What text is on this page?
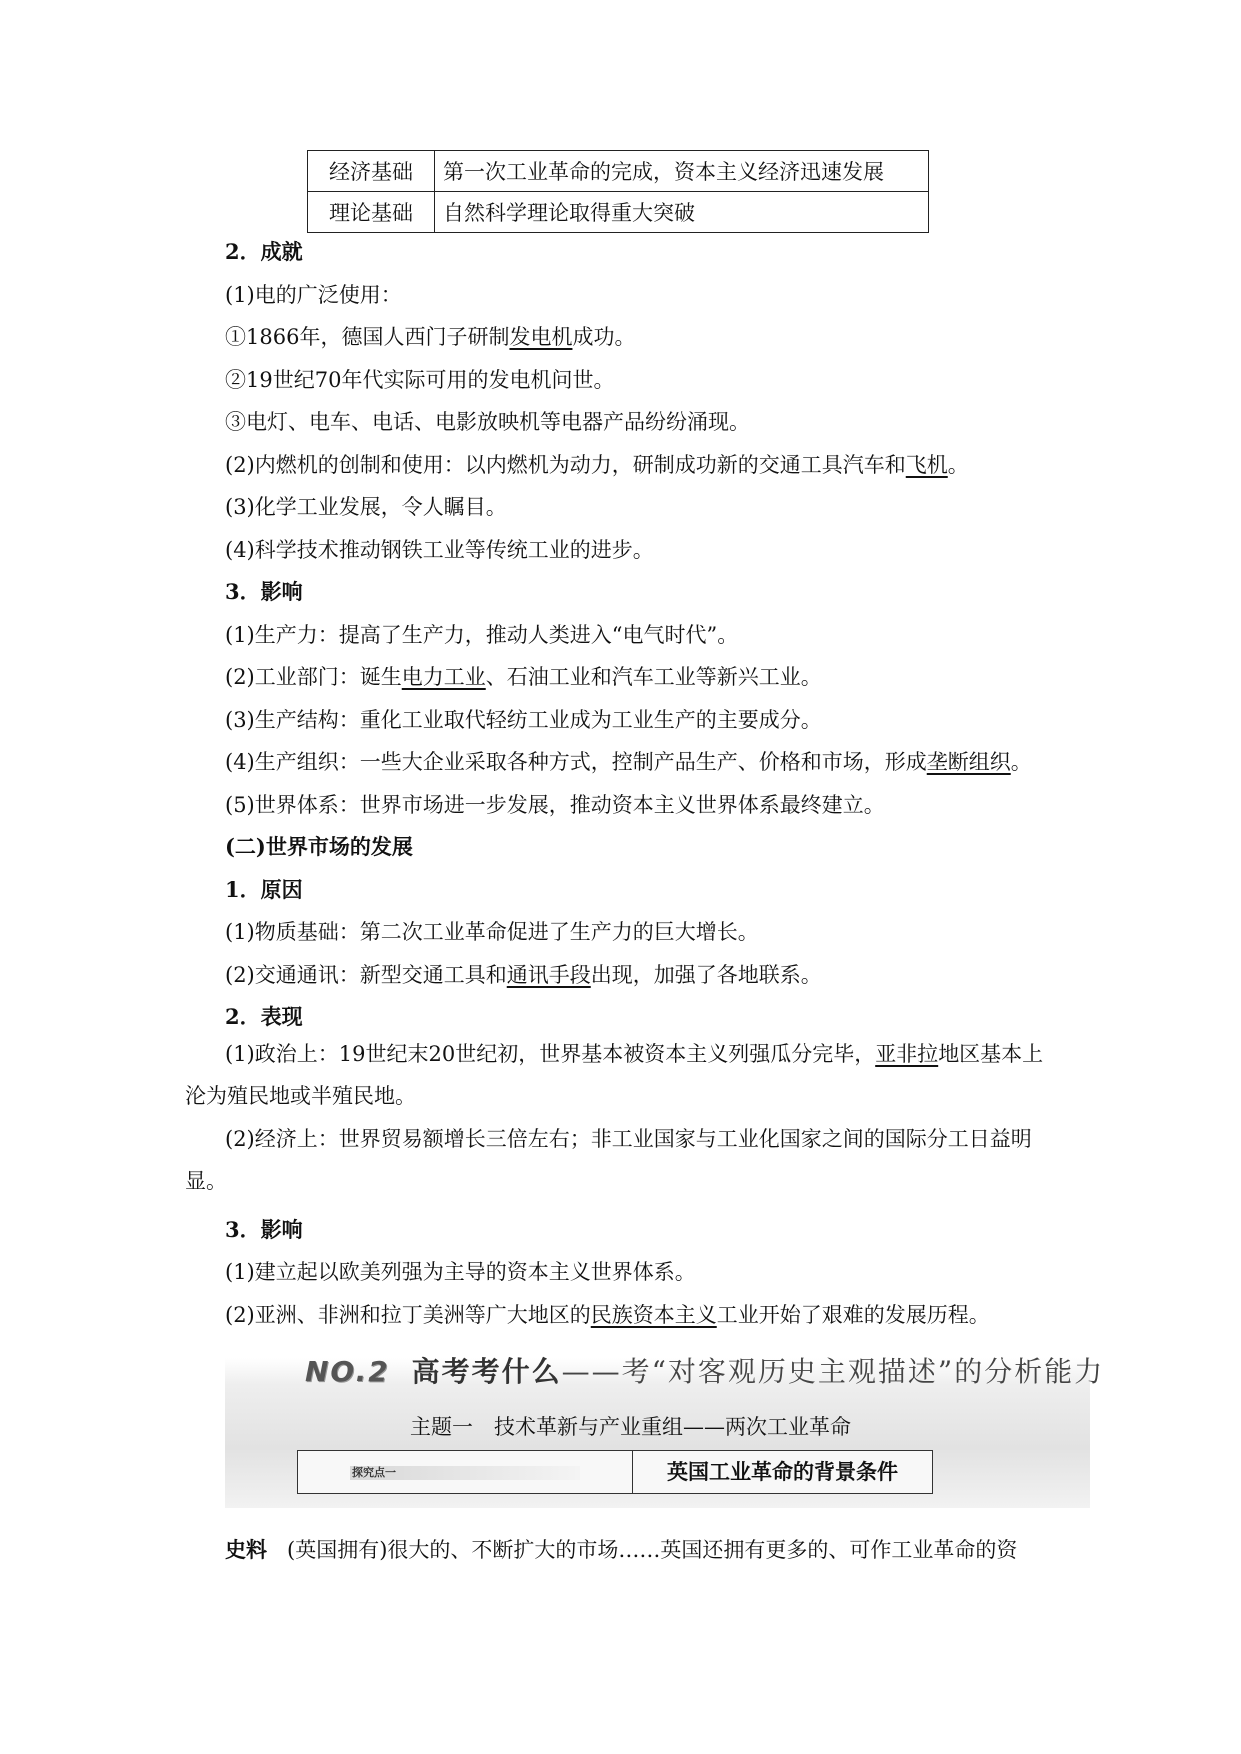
经济基础	第一次工业革命的完成，资本主义经济迅速发展
理论基础	自然科学理论取得重大突破
2．成就
(1)电的广泛使用：
①1866年，德国人西门子研制发电机成功。
②19世纪70年代实际可用的发电机问世。
③电灯、电车、电话、电影放映机等电器产品纷纷涌现。
(2)内燃机的创制和使用：以内燃机为动力，研制成功新的交通工具汽车和飞机。
(3)化学工业发展，令人瞩目。
(4)科学技术推动钢铁工业等传统工业的进步。
3．影响
(1)生产力：提高了生产力，推动人类进入“电气时代”。
(2)工业部门：诞生电力工业、石油工业和汽车工业等新兴工业。
(3)生产结构：重化工业取代轻纺工业成为工业生产的主要成分。
(4)生产组织：一些大企业采取各种方式，控制产品生产、价格和市场，形成垄断组织。
(5)世界体系：世界市场进一步发展，推动资本主义世界体系最终建立。
(二)世界市场的发展
1．原因
(1)物质基础：第二次工业革命促进了生产力的巨大增长。
(2)交通通讯：新型交通工具和通讯手段出现，加强了各地联系。
2．表现
(1)政治上：19世纪末20世纪初，世界基本被资本主义列强瓜分完毕，亚非拉地区基本上沦为殖民地或半殖民地。
(2)经济上：世界贸易额增长三倍左右；非工业国家与工业化国家之间的国际分工日益明显。
3．影响
(1)建立起以欧美列强为主导的资本主义世界体系。
(2)亚洲、非洲和拉丁美洲等广大地区的民族资本主义工业开始了艰难的发展历程。
NO.2 高考考什么——考“对客观历史主观描述”的分析能力
主题一　技术革新与产业重组——两次工业革命
探究点一	英国工业革命的背景条件
史料 (英国拥有)很大的、不断扩大的市场……英国还拥有更多的、可作工业革命的资
